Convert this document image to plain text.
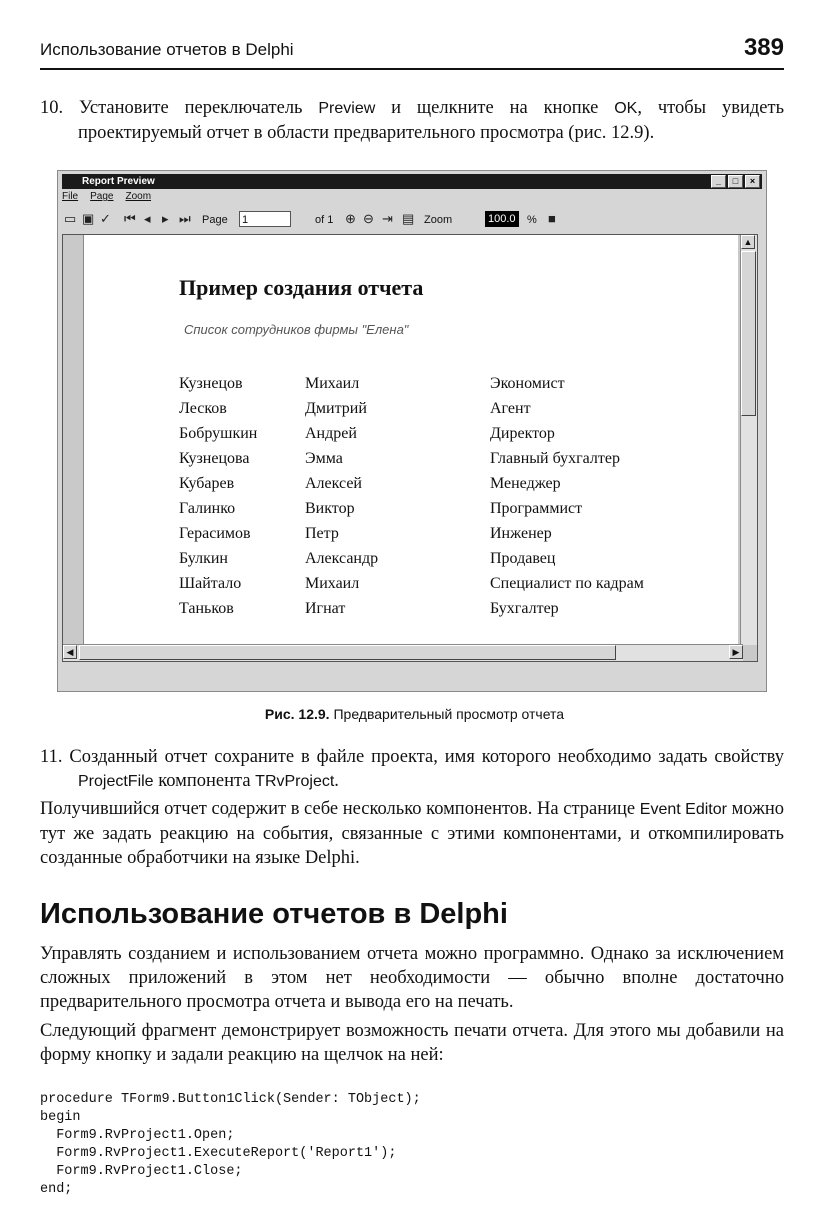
Использование отчетов в Delphi	389
10. Установите переключатель Preview и щелкните на кнопке OK, чтобы увидеть проектируемый отчет в области предварительного просмотра (рис. 12.9).
Report Preview	_	□	×
File Page Zoom
▭ ▣ ✓ ⏮ ◂ ▸ ⏭ Page 1	of 1 ⊕ ⊖ ⇥ ▤ Zoom	100.0 % ■
Пример создания отчета
Список сотрудников фирмы "Елена"
Кузнецов	Михаил	Экономист
Лесков	Дмитрий	Агент
Бобрушкин	Андрей	Директор
Кузнецова	Эмма	Главный бухгалтер
Кубарев	Алексей	Менеджер
Галинко	Виктор	Программист
Герасимов	Петр	Инженер
Булкин	Александр	Продавец
Шайтало	Михаил	Специалист по кадрам
Таньков	Игнат	Бухгалтер
▲
◀	▶
Рис. 12.9. Предварительный просмотр отчета
11. Созданный отчет сохраните в файле проекта, имя которого необходимо задать свойству ProjectFile компонента TRvProject.
Получившийся отчет содержит в себе несколько компонентов. На странице Event Editor можно тут же задать реакцию на события, связанные с этими компонентами, и откомпилировать созданные обработчики на языке Delphi.
Использование отчетов в Delphi
Управлять созданием и использованием отчета можно программно. Однако за исключением сложных приложений в этом нет необходимости — обычно вполне достаточно предварительного просмотра отчета и вывода его на печать.
Следующий фрагмент демонстрирует возможность печати отчета. Для этого мы добавили на форму кнопку и задали реакцию на щелчок на ней:

procedure TForm9.Button1Click(Sender: TObject);
begin
Form9.RvProject1.Open;
Form9.RvProject1.ExecuteReport('Report1');
Form9.RvProject1.Close;
end;
